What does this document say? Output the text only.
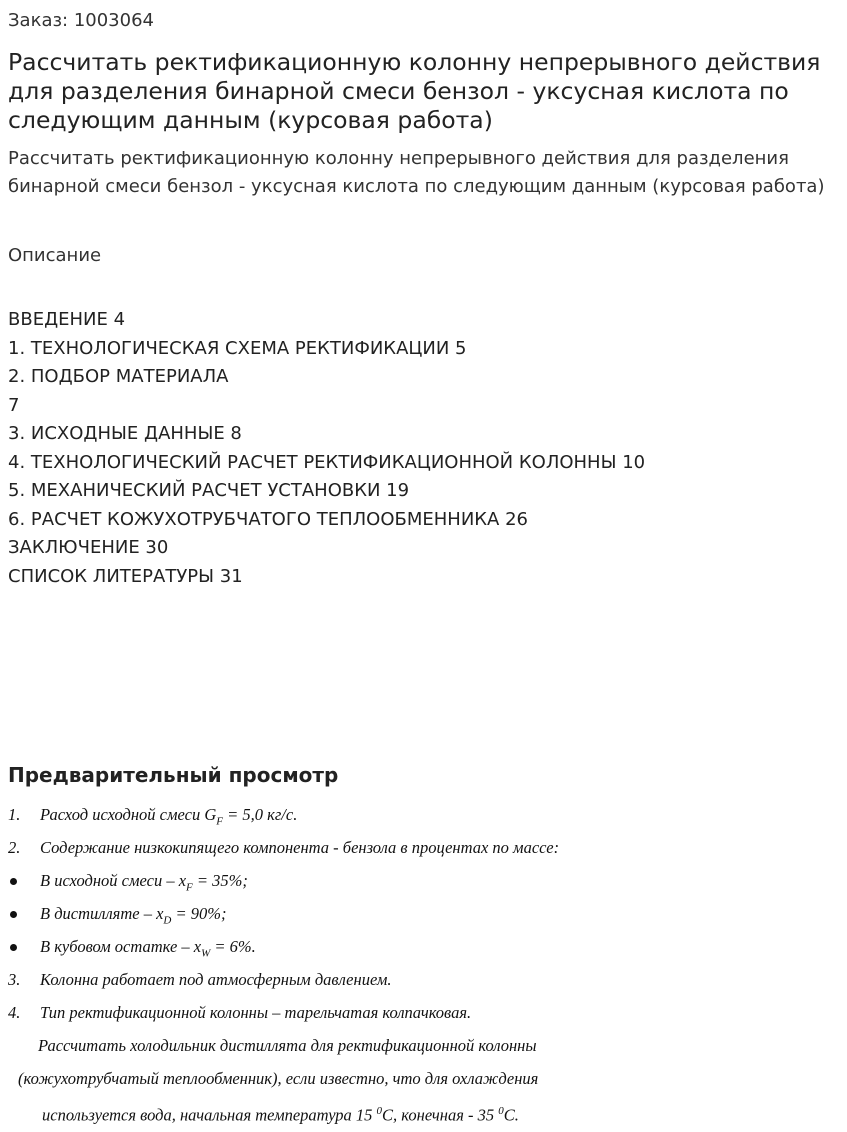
Заказ: 1003064
Рассчитать ректификационную колонну непрерывного действия для разделения бинарной смеси бензол - уксусная кислота по следующим данным (курсовая работа)
Рассчитать ректификационную колонну непрерывного действия для разделения бинарной смеси бензол - уксусная кислота по следующим данным (курсовая работа)
Описание
ВВЕДЕНИЕ 4
1. ТЕХНОЛОГИЧЕСКАЯ СХЕМА РЕКТИФИКАЦИИ 5
2. ПОДБОР МАТЕРИАЛА
7
3. ИСХОДНЫЕ ДАННЫЕ 8
4. ТЕХНОЛОГИЧЕСКИЙ РАСЧЕТ РЕКТИФИКАЦИОННОЙ КОЛОННЫ 10
5. МЕХАНИЧЕСКИЙ РАСЧЕТ УСТАНОВКИ 19
6. РАСЧЕТ КОЖУХОТРУБЧАТОГО ТЕПЛООБМЕННИКА 26
ЗАКЛЮЧЕНИЕ 30
СПИСОК ЛИТЕРАТУРЫ 31
Предварительный просмотр
1.	Расход исходной смеси $G_F = 5,0$ кг/с.
2.	Содержание низкокипящего компонента - бензола в процентах по массе:
В исходной смеси – $x_F = 35\%$;
В дистилляте – $x_D = 90\%$;
В кубовом остатке – $x_W = 6\%$.
3.	Колонна работает под атмосферным давлением.
4.	Тип ректификационной колонны – тарельчатая колпачковая.
Рассчитать холодильник дистиллята для ректификационной колонны
(кожухотрубчатый теплообменник), если известно, что для охлаждения
используется вода, начальная температура 15 $^0$С, конечная - 35 $^0$С.
